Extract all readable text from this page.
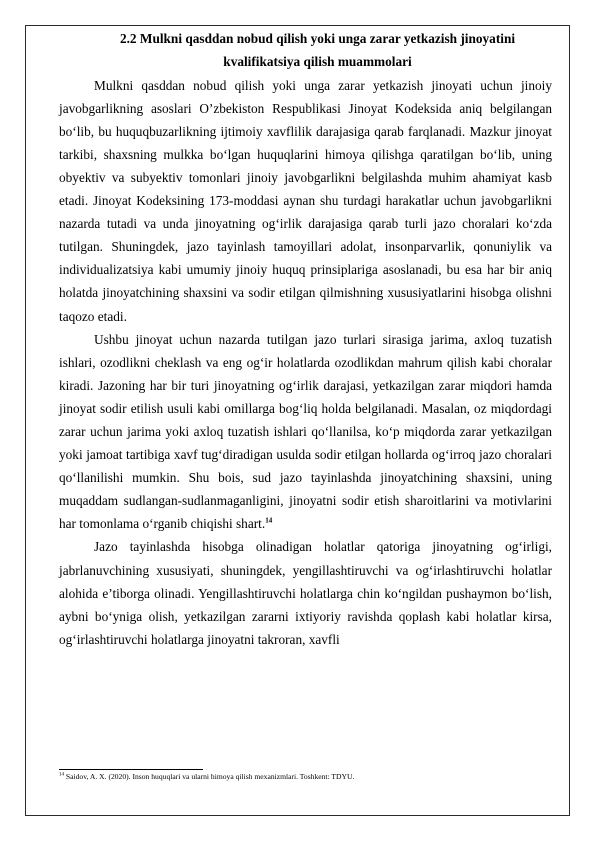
2.2 Mulkni qasddan nobud qilish yoki unga zarar yetkazish jinoyatini
kvalifikatsiya qilish muammolari

Mulkni qasddan nobud qilish yoki unga zarar yetkazish jinoyati uchun jinoiy javobgarlikning asoslari O’zbekiston Respublikasi Jinoyat Kodeksida aniq belgilangan bo‘lib, bu huquqbuzarlikning ijtimoiy xavflilik darajasiga qarab farqlanadi. Mazkur jinoyat tarkibi, shaxsning mulkka bo‘lgan huquqlarini himoya qilishga qaratilgan bo‘lib, uning obyektiv va subyektiv tomonlari jinoiy javobgarlikni belgilashda muhim ahamiyat kasb etadi. Jinoyat Kodeksining 173-moddasi aynan shu turdagi harakatlar uchun javobgarlikni nazarda tutadi va unda jinoyatning og‘irlik darajasiga qarab turli jazo choralari ko‘zda tutilgan. Shuningdek, jazo tayinlash tamoyillari adolat, insonparvarlik, qonuniylik va individualizatsiya kabi umumiy jinoiy huquq prinsiplariga asoslanadi, bu esa har bir aniq holatda jinoyatchining shaxsini va sodir etilgan qilmishning xususiyatlarini hisobga olishni taqozo etadi.

Ushbu jinoyat uchun nazarda tutilgan jazo turlari sirasiga jarima, axloq tuzatish ishlari, ozodlikni cheklash va eng og‘ir holatlarda ozodlikdan mahrum qilish kabi choralar kiradi. Jazoning har bir turi jinoyatning og‘irlik darajasi, yetkazilgan zarar miqdori hamda jinoyat sodir etilish usuli kabi omillarga bog‘liq holda belgilanadi. Masalan, oz miqdordagi zarar uchun jarima yoki axloq tuzatish ishlari qo‘llanilsa, ko‘p miqdorda zarar yetkazilgan yoki jamoat tartibiga xavf tug‘diradigan usulda sodir etilgan hollarda og‘irroq jazo choralari qo‘llanilishi mumkin. Shu bois, sud jazo tayinlashda jinoyatchining shaxsini, uning muqaddam sudlangan-sudlanmaganligini, jinoyatni sodir etish sharoitlarini va motivlarini har tomonlama o‘rganib chiqishi shart.$^{14}$

Jazo tayinlashda hisobga olinadigan holatlar qatoriga jinoyatning og‘irligi, jabrlanuvchining xususiyati, shuningdek, yengillashtiruvchi va og‘irlashtiruvchi holatlar alohida e’tiborga olinadi. Yengillashtiruvchi holatlarga chin ko‘ngildan pushaymon bo‘lish, aybni bo‘yniga olish, yetkazilgan zararni ixtiyoriy ravishda qoplash kabi holatlar kirsa, og‘irlashtiruvchi holatlarga jinoyatni takroran, xavfli

$^{14}$ Saidov, A. X. (2020). Inson huquqlari va ularni himoya qilish mexanizmlari. Toshkent: TDYU.
